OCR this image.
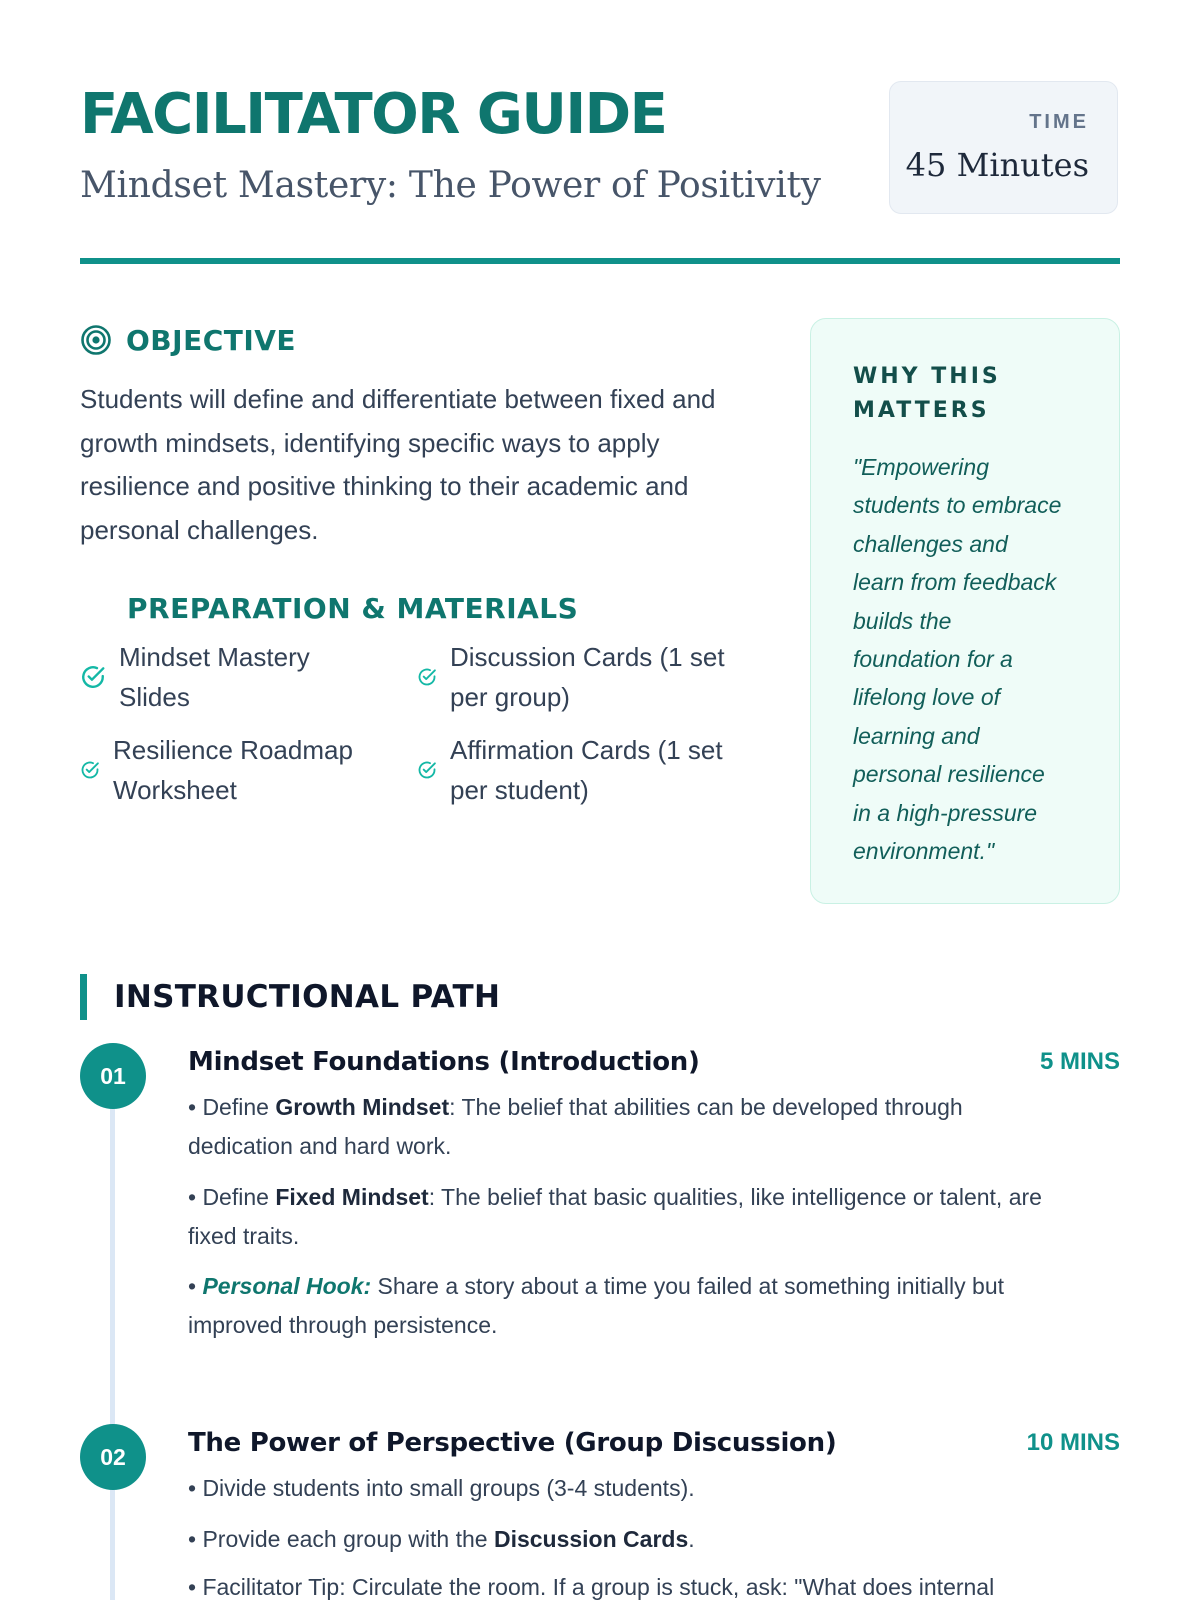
FACILITATOR GUIDE
Mindset Mastery: The Power of Positivity
TIME
45 Minutes
OBJECTIVE

Students will define and differentiate between fixed and growth mindsets, identifying specific ways to apply resilience and positive thinking to their academic and personal challenges.

PREPARATION & MATERIALS
Mindset Mastery
Slides
Discussion Cards (1 set
per group)
Resilience Roadmap
Worksheet
Affirmation Cards (1 set
per student)

WHY THIS
MATTERS

"Empowering
students to embrace
challenges and
learn from feedback
builds the
foundation for a
lifelong love of
learning and
personal resilience
in a high-pressure
environment."

INSTRUCTIONAL PATH
01	Mindset Foundations (Introduction)	5 MINS

• Define Growth Mindset: The belief that abilities can be developed through
dedication and hard work.

• Define Fixed Mindset: The belief that basic qualities, like intelligence or talent, are
fixed traits.

• Personal Hook: Share a story about a time you failed at something initially but
improved through persistence.

02	The Power of Perspective (Group Discussion)	10 MINS

• Divide students into small groups (3-4 students).

• Provide each group with the Discussion Cards.

• Facilitator Tip: Circulate the room. If a group is stuck, ask: "What does internal
